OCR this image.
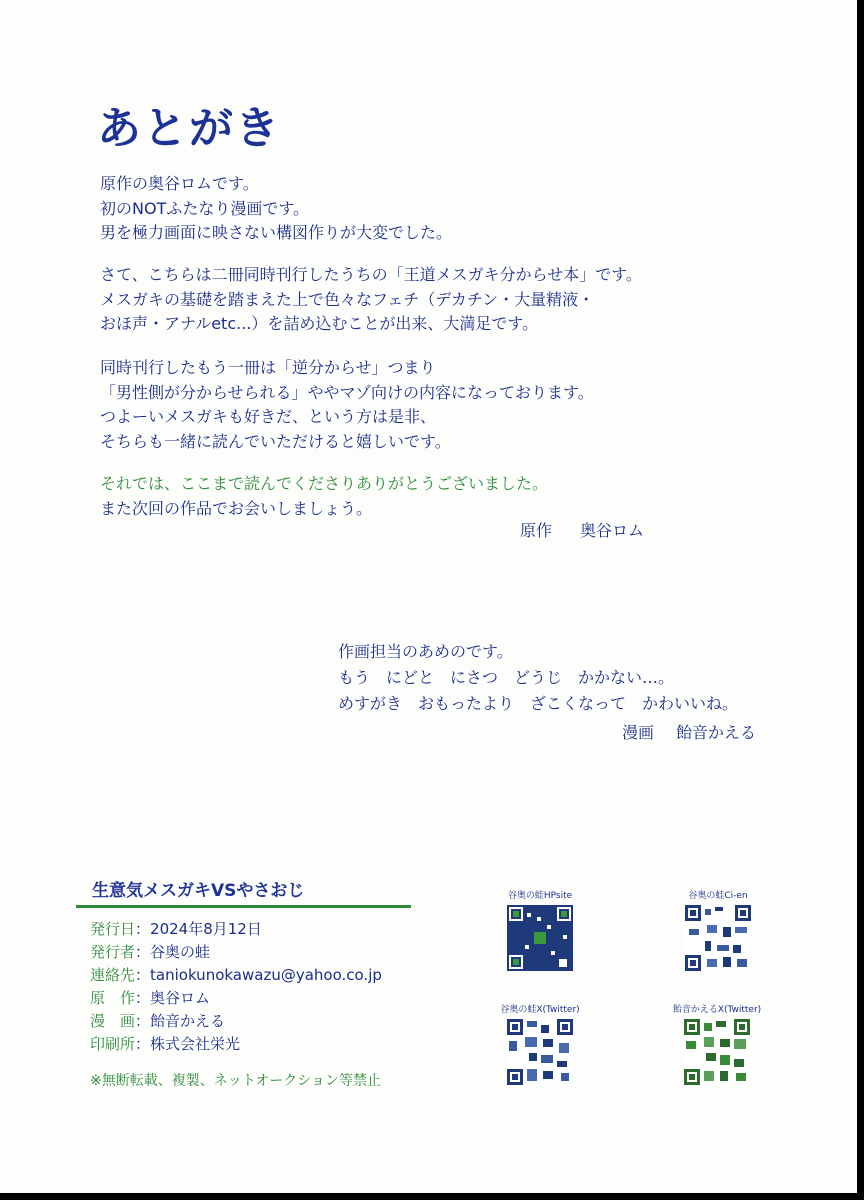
あとがき
原作の奥谷ロムです。
初のNOTふたなり漫画です。
男を極力画面に映さない構図作りが大変でした。
さて、こちらは二冊同時刊行したうちの「王道メスガキ分からせ本」です。
メスガキの基礎を踏まえた上で色々なフェチ（デカチン・大量精液・
おほ声・アナルetc...）を詰め込むことが出来、大満足です。
同時刊行したもう一冊は「逆分からせ」つまり
「男性側が分からせられる」ややマゾ向けの内容になっております。
つよーいメスガキも好きだ、という方は是非、
そちらも一緒に読んでいただけると嬉しいです。
それでは、ここまで読んでくださりありがとうございました。
また次回の作品でお会いしましょう。
原作 奥谷ロム
作画担当のあめのです。
もう　にどと　にさつ　どうじ　かかない…。
めすがき　おもったより　ざこくなって　かわいいね。
漫画 飴音かえる
生意気メスガキVSやさおじ
発行日：2024年8月12日
発行者：谷奥の蛙
連絡先：taniokunokawazu@yahoo.co.jp
原　作：奥谷ロム
漫　画：飴音かえる
印刷所：株式会社栄光
※無断転載、複製、ネットオークション等禁止
谷奥の蛙HPsite	谷奥の蛙Ci-en
谷奥の蛙X(Twitter)	飴音かえるX(Twitter)
